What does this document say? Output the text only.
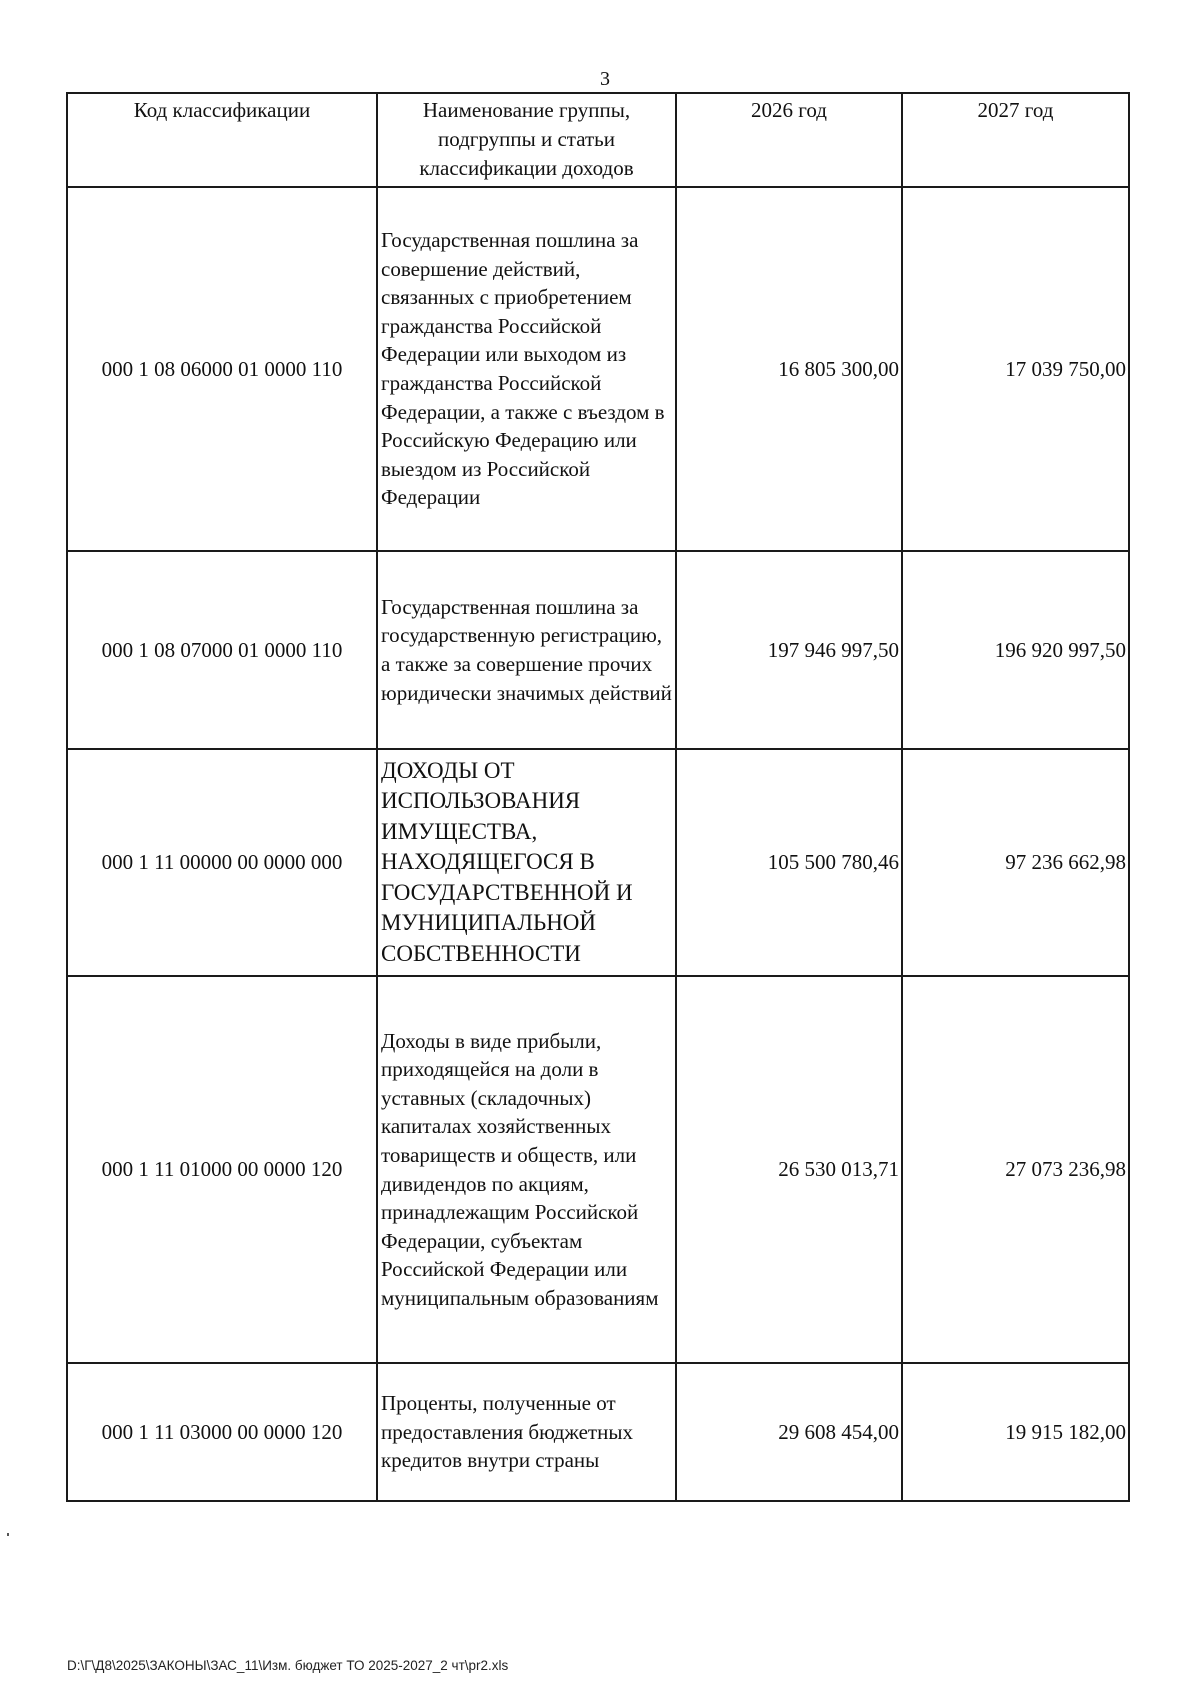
3
Код классификации	Наименование группы, подгруппы и статьи классификации доходов	2026 год	2027 год
000 1 08 06000 01 0000 110	Государственная пошлина за совершение действий, связанных с приобретением гражданства Российской Федерации или выходом из гражданства Российской Федерации, а также с въездом в Российскую Федерацию или выездом из Российской Федерации	16 805 300,00	17 039 750,00
000 1 08 07000 01 0000 110	Государственная пошлина за государственную регистрацию, а также за совершение прочих юридически значимых действий	197 946 997,50	196 920 997,50
000 1 11 00000 00 0000 000	ДОХОДЫ ОТ ИСПОЛЬЗОВАНИЯ ИМУЩЕСТВА, НАХОДЯЩЕГОСЯ В ГОСУДАРСТВЕННОЙ И МУНИЦИПАЛЬНОЙ СОБСТВЕННОСТИ	105 500 780,46	97 236 662,98
000 1 11 01000 00 0000 120	Доходы в виде прибыли, приходящейся на доли в уставных (складочных) капиталах хозяйственных товариществ и обществ, или дивидендов по акциям, принадлежащим Российской Федерации, субъектам Российской Федерации или муниципальным образованиям	26 530 013,71	27 073 236,98
000 1 11 03000 00 0000 120	Проценты, полученные от предоставления бюджетных кредитов внутри страны	29 608 454,00	19 915 182,00
D:\Г\Д8\2025\ЗАКОНЫ\ЗАС_11\Изм. бюджет ТО 2025-2027_2 чт\pr2.xls
